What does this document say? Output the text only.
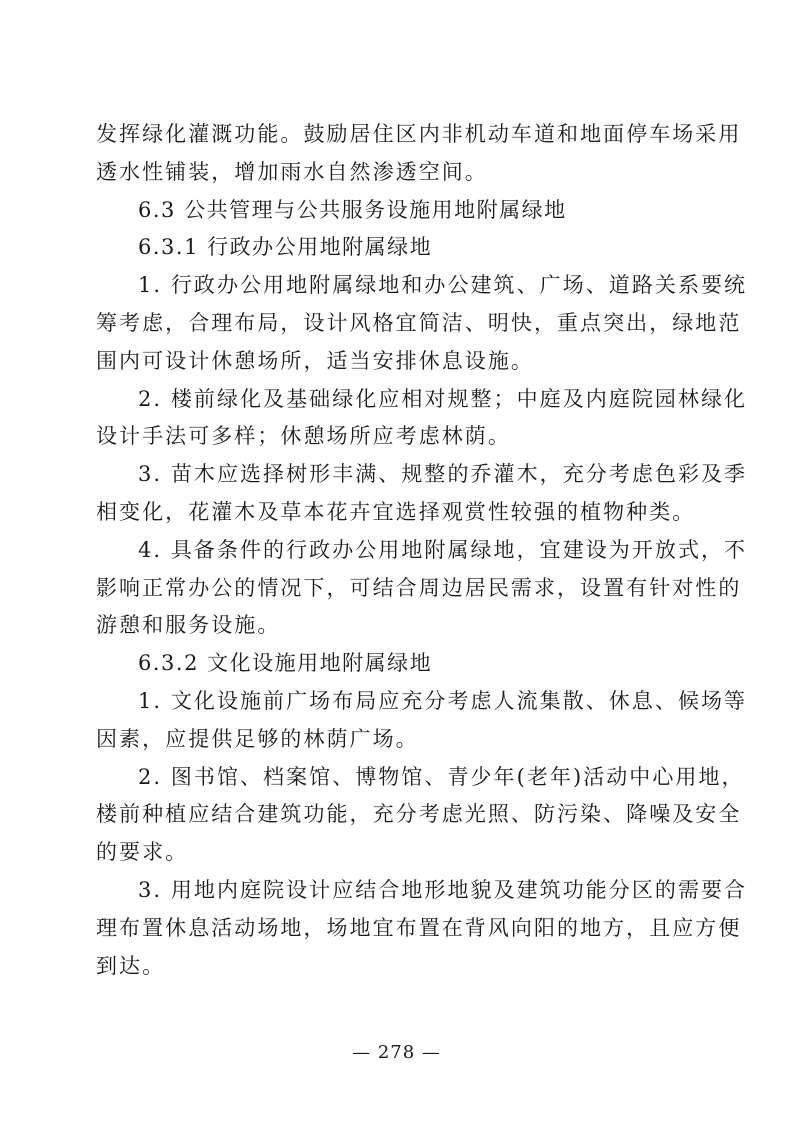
发挥绿化灌溉功能。鼓励居住区内非机动车道和地面停车场采用
透水性铺装，增加雨水自然渗透空间。
6.3 公共管理与公共服务设施用地附属绿地
6.3.1 行政办公用地附属绿地
1. 行政办公用地附属绿地和办公建筑、广场、道路关系要统
筹考虑，合理布局，设计风格宜简洁、明快，重点突出，绿地范
围内可设计休憩场所，适当安排休息设施。
2. 楼前绿化及基础绿化应相对规整；中庭及内庭院园林绿化
设计手法可多样；休憩场所应考虑林荫。
3. 苗木应选择树形丰满、规整的乔灌木，充分考虑色彩及季
相变化，花灌木及草本花卉宜选择观赏性较强的植物种类。
4. 具备条件的行政办公用地附属绿地，宜建设为开放式，不
影响正常办公的情况下，可结合周边居民需求，设置有针对性的
游憩和服务设施。
6.3.2 文化设施用地附属绿地
1. 文化设施前广场布局应充分考虑人流集散、休息、候场等
因素，应提供足够的林荫广场。
2. 图书馆、档案馆、博物馆、青少年(老年)活动中心用地，
楼前种植应结合建筑功能，充分考虑光照、防污染、降噪及安全
的要求。
3. 用地内庭院设计应结合地形地貌及建筑功能分区的需要合
理布置休息活动场地，场地宜布置在背风向阳的地方，且应方便
到达。
— 278 —
